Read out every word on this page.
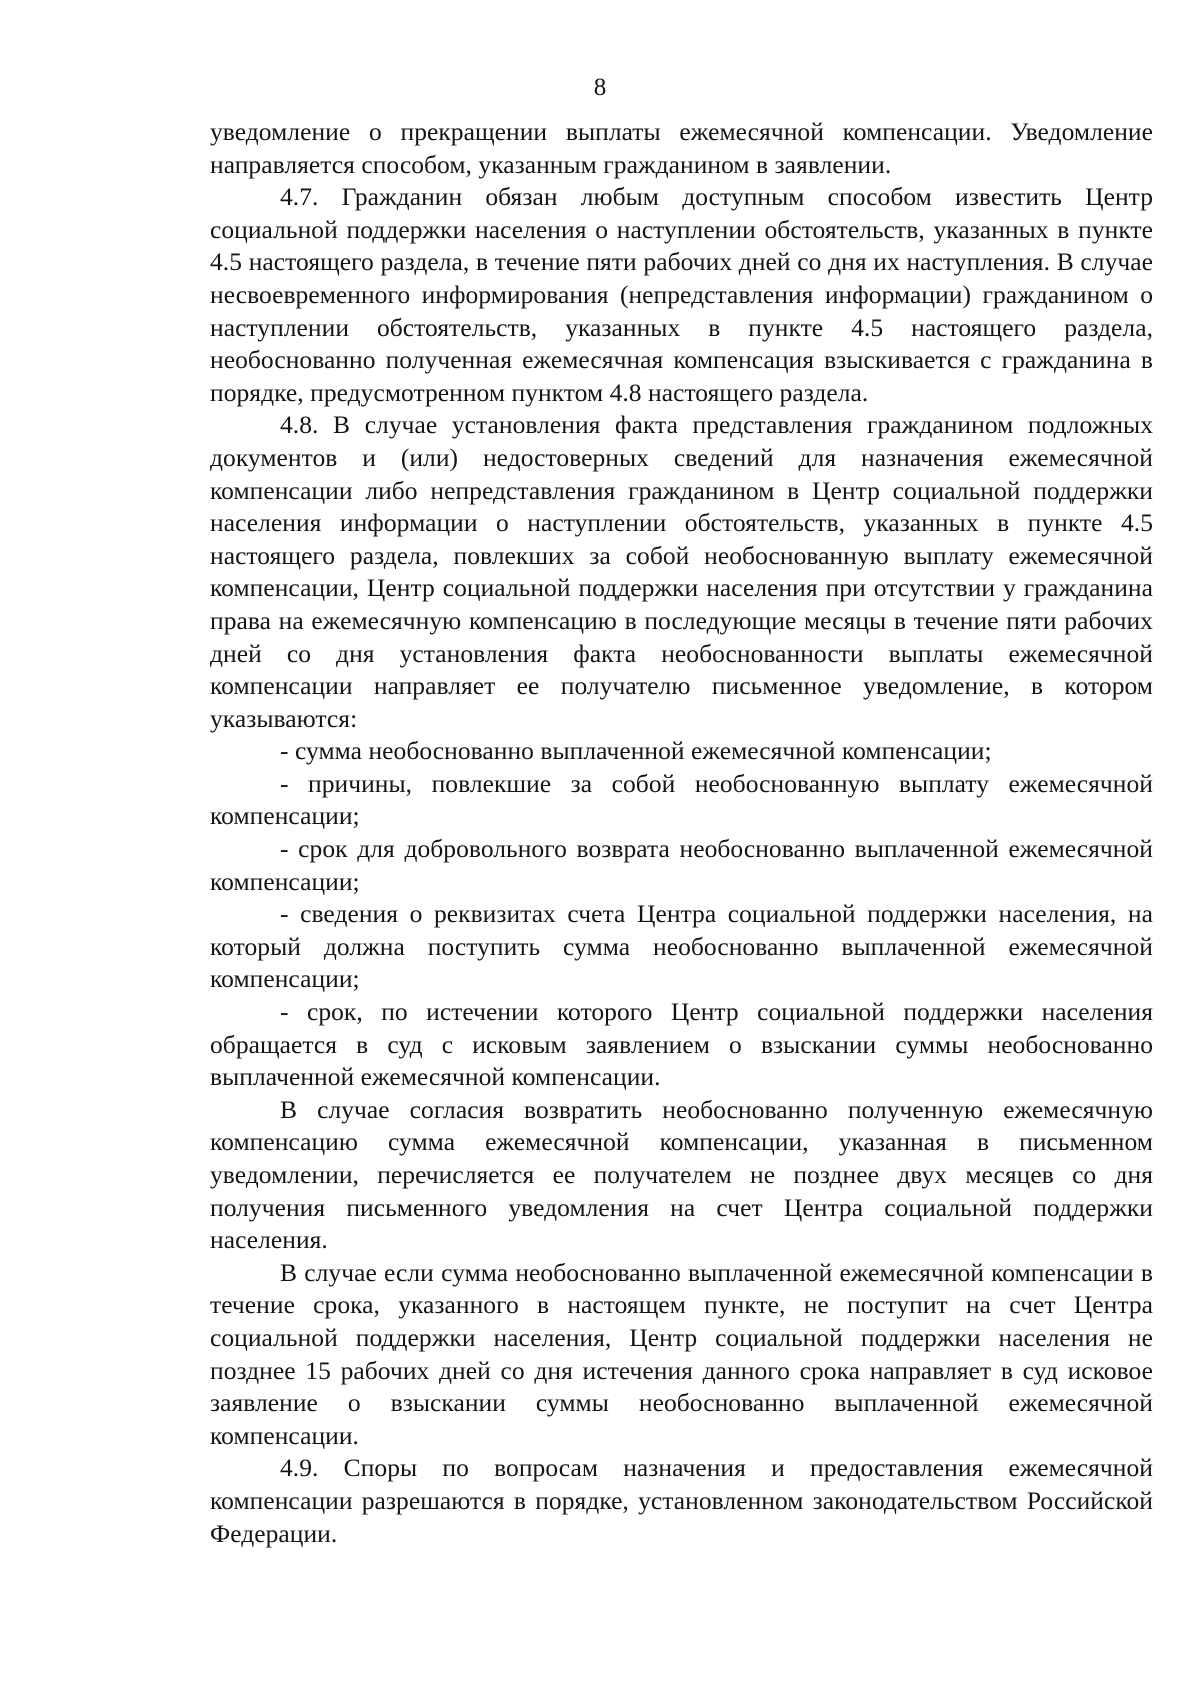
8

уведомление о прекращении выплаты ежемесячной компенсации. Уведомление направляется способом, указанным гражданином в заявлении.

4.7. Гражданин обязан любым доступным способом известить Центр социальной поддержки населения о наступлении обстоятельств, указанных в пункте 4.5 настоящего раздела, в течение пяти рабочих дней со дня их наступления. В случае несвоевременного информирования (непредставления информации) гражданином о наступлении обстоятельств, указанных в пункте 4.5 настоящего раздела, необоснованно полученная ежемесячная компенсация взыскивается с гражданина в порядке, предусмотренном пунктом 4.8 настоящего раздела.

4.8. В случае установления факта представления гражданином подложных документов и (или) недостоверных сведений для назначения ежемесячной компенсации либо непредставления гражданином в Центр социальной поддержки населения информации о наступлении обстоятельств, указанных в пункте 4.5 настоящего раздела, повлекших за собой необоснованную выплату ежемесячной компенсации, Центр социальной поддержки населения при отсутствии у гражданина права на ежемесячную компенсацию в последующие месяцы в течение пяти рабочих дней со дня установления факта необоснованности выплаты ежемесячной компенсации направляет ее получателю письменное уведомление, в котором указываются:

- сумма необоснованно выплаченной ежемесячной компенсации;

- причины, повлекшие за собой необоснованную выплату ежемесячной компенсации;

- срок для добровольного возврата необоснованно выплаченной ежемесячной компенсации;

- сведения о реквизитах счета Центра социальной поддержки населения, на который должна поступить сумма необоснованно выплаченной ежемесячной компенсации;

- срок, по истечении которого Центр социальной поддержки населения обращается в суд с исковым заявлением о взыскании суммы необоснованно выплаченной ежемесячной компенсации.

В случае согласия возвратить необоснованно полученную ежемесячную компенсацию сумма ежемесячной компенсации, указанная в письменном уведомлении, перечисляется ее получателем не позднее двух месяцев со дня получения письменного уведомления на счет Центра социальной поддержки населения.

В случае если сумма необоснованно выплаченной ежемесячной компенсации в течение срока, указанного в настоящем пункте, не поступит на счет Центра социальной поддержки населения, Центр социальной поддержки населения не позднее 15 рабочих дней со дня истечения данного срока направляет в суд исковое заявление о взыскании суммы необоснованно выплаченной ежемесячной компенсации.

4.9. Споры по вопросам назначения и предоставления ежемесячной компенсации разрешаются в порядке, установленном законодательством Российской Федерации.
